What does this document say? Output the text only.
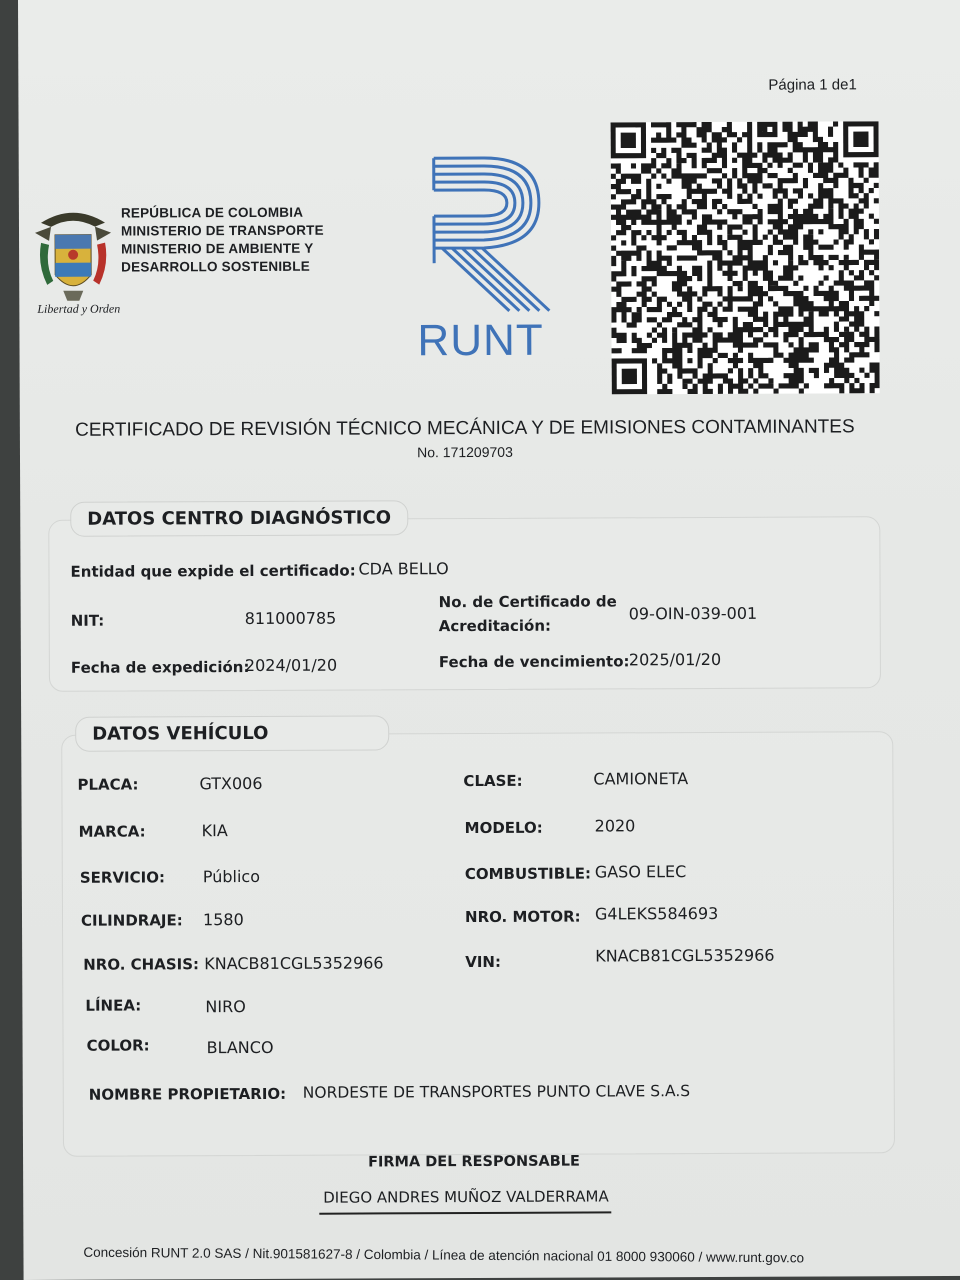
Página 1 de1
Libertad y Orden
REPÚBLICA DE COLOMBIA
MINISTERIO DE TRANSPORTE
MINISTERIO DE AMBIENTE Y
DESARROLLO SOSTENIBLE
RUNT
CERTIFICADO DE REVISIÓN TÉCNICO MECÁNICA Y DE EMISIONES CONTAMINANTES
No. 171209703
DATOS CENTRO DIAGNÓSTICO
Entidad que expide el certificado: CDA BELLO
NIT:	811000785
No. de Certificado de
Acreditación:
09-OIN-039-001
Fecha de expedición:
2024/01/20	Fecha de vencimiento: 2025/01/20
DATOS VEHÍCULO
PLACA:	GTX006	CLASE:	CAMIONETA
MARCA:	KIA	MODELO:	2020
SERVICIO: Público	COMBUSTIBLE: GASO ELEC
CILINDRAJE: 1580	NRO. MOTOR: G4LEKS584693
NRO. CHASIS: KNACB81CGL5352966	VIN:	KNACB81CGL5352966
LÍNEA:	NIRO
COLOR:	BLANCO
NOMBRE PROPIETARIO: NORDESTE DE TRANSPORTES PUNTO CLAVE S.A.S
FIRMA DEL RESPONSABLE
DIEGO ANDRES MUÑOZ VALDERRAMA
Concesión RUNT 2.0 SAS / Nit.901581627-8 / Colombia / Línea de atención nacional 01 8000 930060 / www.runt.gov.co
